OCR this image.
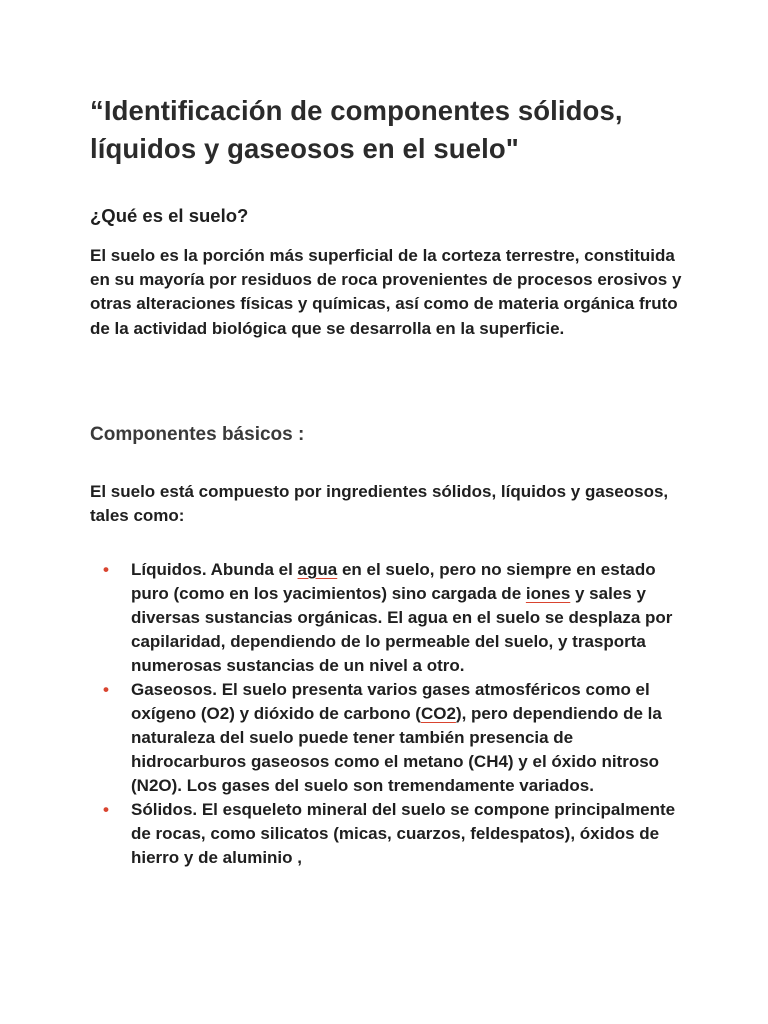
“Identificación de componentes sólidos, líquidos y gaseosos en el suelo"
¿Qué es el suelo?

El suelo es la porción más superficial de la corteza terrestre, constituida en su mayoría por residuos de roca provenientes de procesos erosivos y otras alteraciones físicas y químicas, así como de materia orgánica fruto de la actividad biológica que se desarrolla en la superficie.

Componentes básicos :

El suelo está compuesto por ingredientes sólidos, líquidos y gaseosos, tales como:

• Líquidos. Abunda el agua en el suelo, pero no siempre en estado puro (como en los yacimientos) sino cargada de iones y sales y diversas sustancias orgánicas. El agua en el suelo se desplaza por capilaridad, dependiendo de lo permeable del suelo, y trasporta numerosas sustancias de un nivel a otro.
• Gaseosos. El suelo presenta varios gases atmosféricos como el oxígeno (O2) y dióxido de carbono (CO2), pero dependiendo de la naturaleza del suelo puede tener también presencia de hidrocarburos gaseosos como el metano (CH4) y el óxido nitroso (N2O). Los gases del suelo son tremendamente variados.
• Sólidos. El esqueleto mineral del suelo se compone principalmente de rocas, como silicatos (micas, cuarzos, feldespatos), óxidos de hierro y de aluminio ,
